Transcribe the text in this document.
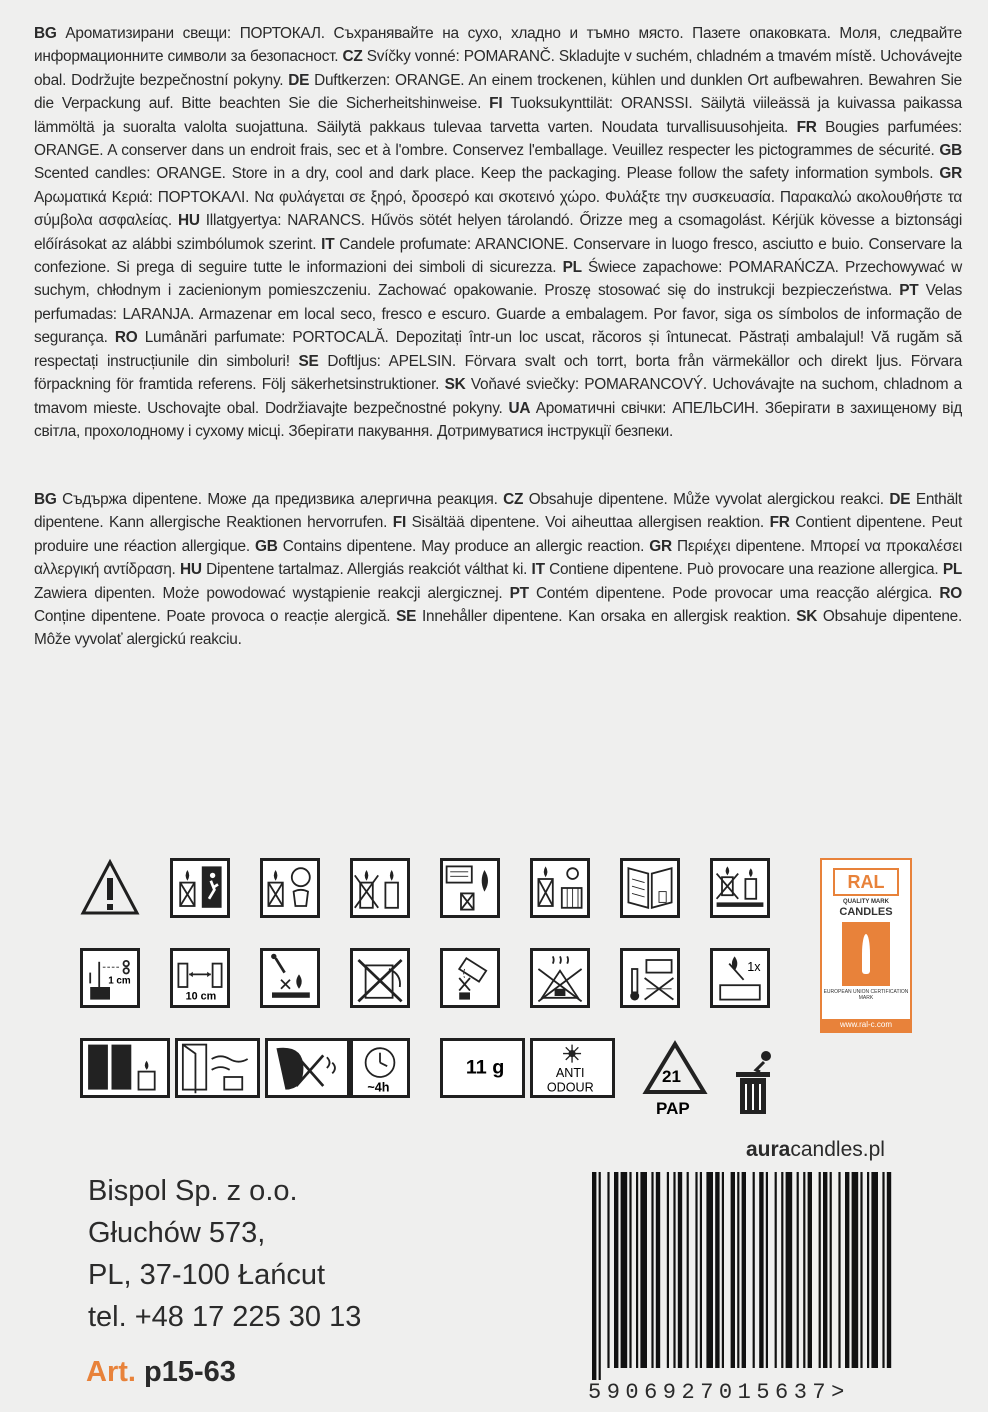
BG Ароматизирани свещи: ПОРТОКАЛ. Съхранявайте на сухо, хладно и тъмно място. Пазете опаковката. Моля, следвайте информационните символи за безопасност. CZ Svíčky vonné: POMARANČ. Skladujte v suchém, chladném a tmavém místě. Uchovávejte obal. Dodržujte bezpečnostní pokyny. DE Duftkerzen: ORANGE. An einem trockenen, kühlen und dunklen Ort aufbewahren. Bewahren Sie die Verpackung auf. Bitte beachten Sie die Sicherheitshinweise. FI Tuoksukynttilät: ORANSSI. Säilytä viileässä ja kuivassa paikassa lämmöltä ja suoralta valolta suojattuna. Säilytä pakkaus tulevaa tarvetta varten. Noudata turvallisuusohjeita. FR Bougies parfumées: ORANGE. A conserver dans un endroit frais, sec et à l'ombre. Conservez l'emballage. Veuillez respecter les pictogrammes de sécurité. GB Scented candles: ORANGE. Store in a dry, cool and dark place. Keep the packaging. Please follow the safety information symbols. GR Αρωματικά Κεριά: ΠΟΡΤΟΚΑΛΙ. Να φυλάγεται σε ξηρό, δροσερό και σκοτεινό χώρο. Φυλάξτε την συσκευασία. Παρακαλώ ακολουθήστε τα σύμβολα ασφαλείας. HU Illatgyertya: NARANCS. Hűvös sötét helyen tárolandó. Őrizze meg a csomagolást. Kérjük kövesse a biztonsági előírásokat az alábbi szimbólumok szerint. IT Candele profumate: ARANCIONE. Conservare in luogo fresco, asciutto e buio. Conservare la confezione. Si prega di seguire tutte le informazioni dei simboli di sicurezza. PL Świece zapachowe: POMARAŃCZA. Przechowywać w suchym, chłodnym i zacienionym pomieszczeniu. Zachować opakowanie. Proszę stosować się do instrukcji bezpieczeństwa. PT Velas perfumadas: LARANJA. Armazenar em local seco, fresco e escuro. Guarde a embalagem. Por favor, siga os símbolos de informação de segurança. RO Lumânări parfumate: PORTOCALĂ. Depozitați într-un loc uscat, răcoros și întunecat. Păstrați ambalajul! Vă rugăm să respectați instrucțiunile din simboluri! SE Doftljus: APELSIN. Förvara svalt och torrt, borta från värmekällor och direkt ljus. Förvara förpackning för framtida referens. Följ säkerhetsinstruktioner. SK Voňavé sviečky: POMARANCOVÝ. Uchovávajte na suchom, chladnom a tmavom mieste. Uschovajte obal. Dodržiavajte bezpečnostné pokyny. UA Ароматичні свічки: АПЕЛЬСИН. Зберігати в захищеному від світла, прохолодному і сухому місці. Зберігати пакування. Дотримуватися інструкції безпеки.
BG Съдържа dipentene. Може да предизвика алергична реакция. CZ Obsahuje dipentene. Může vyvolat alergickou reakci. DE Enthält dipentene. Kann allergische Reaktionen hervorrufen. FI Sisältää dipentene. Voi aiheuttaa allergisen reaktion. FR Contient dipentene. Peut produire une réaction allergique. GB Contains dipentene. May produce an allergic reaction. GR Περιέχει dipentene. Μπορεί να προκαλέσει αλλεργική αντίδραση. HU Dipentene tartalmaz. Allergiás reakciót válthat ki. IT Contiene dipentene. Può provocare una reazione allergica. PL Zawiera dipenten. Może powodować wystąpienie reakcji alergicznej. PT Contém dipentene. Pode provocar uma reacção alérgica. RO Conține dipentene. Poate provoca o reacție alergică. SE Innehåller dipentene. Kan orsaka en allergisk reaktion. SK Obsahuje dipentene. Môže vyvolať alergickú reakciu.
RAL
QUALITY MARK
CANDLES
EUROPEAN UNION CERTIFICATION MARK
www.ral-c.com
1 cm
10 cm
1x
~4h
11 g	ANTI
ODOUR
21
PAP
auracandles.pl
Bispol Sp. z o.o.
Głuchów 573,
PL, 37-100 Łańcut
tel. +48 17 225 30 13
Art. p15-63
5906927015637>
